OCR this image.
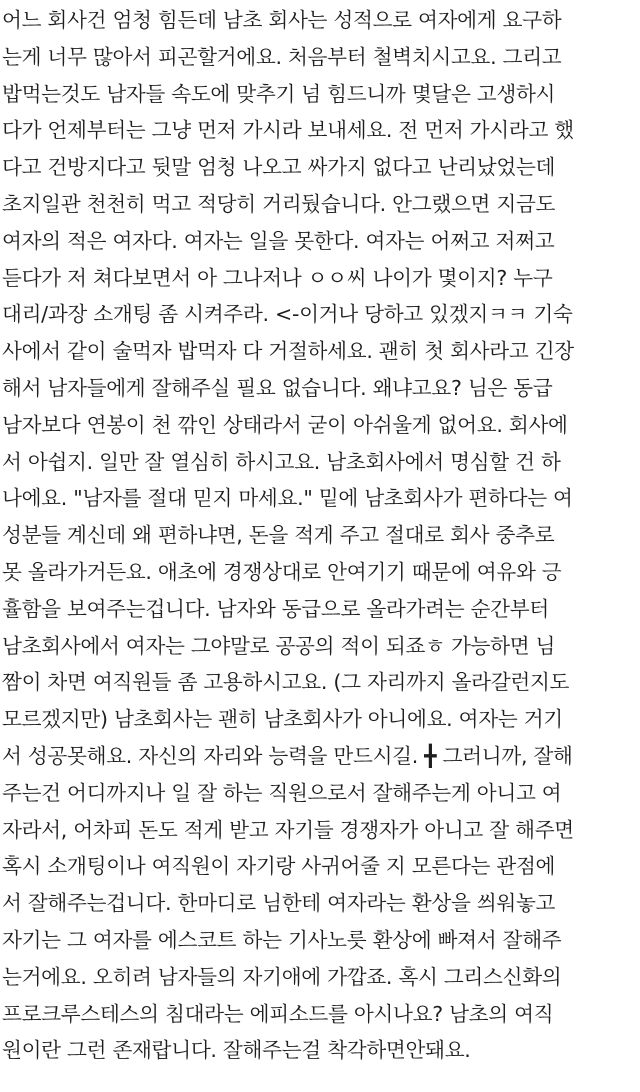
어느 회사건 엄청 힘든데 남초 회사는 성적으로 여자에게 요구하
는게 너무 많아서 피곤할거에요. 처음부터 철벽치시고요. 그리고
밥먹는것도 남자들 속도에 맞추기 넘 힘드니까 몇달은 고생하시
다가 언제부터는 그냥 먼저 가시라 보내세요. 전 먼저 가시라고 했
다고 건방지다고 뒷말 엄청 나오고 싸가지 없다고 난리났었는데
초지일관 천천히 먹고 적당히 거리뒀습니다. 안그랬으면 지금도
여자의 적은 여자다. 여자는 일을 못한다. 여자는 어쩌고 저쩌고
듣다가 저 쳐다보면서 아 그나저나 ㅇㅇ씨 나이가 몇이지? 누구
대리/과장 소개팅 좀 시켜주라. <-이거나 당하고 있겠지ㅋㅋ 기숙
사에서 같이 술먹자 밥먹자 다 거절하세요. 괜히 첫 회사라고 긴장
해서 남자들에게 잘해주실 필요 없습니다. 왜냐고요? 님은 동급
남자보다 연봉이 천 깎인 상태라서 굳이 아쉬울게 없어요. 회사에
서 아쉽지. 일만 잘 열심히 하시고요. 남초회사에서 명심할 건 하
나에요. "남자를 절대 믿지 마세요." 밑에 남초회사가 편하다는 여
성분들 계신데 왜 편하냐면, 돈을 적게 주고 절대로 회사 중추로
못 올라가거든요. 애초에 경쟁상대로 안여기기 때문에 여유와 긍
휼함을 보여주는겁니다. 남자와 동급으로 올라가려는 순간부터
남초회사에서 여자는 그야말로 공공의 적이 되죠ㅎ 가능하면 님
짬이 차면 여직원들 좀 고용하시고요. (그 자리까지 올라갈런지도
모르겠지만) 남초회사는 괜히 남초회사가 아니에요. 여자는 거기
서 성공못해요. 자신의 자리와 능력을 만드시길. ╋ 그러니까, 잘해
주는건 어디까지나 일 잘 하는 직원으로서 잘해주는게 아니고 여
자라서, 어차피 돈도 적게 받고 자기들 경쟁자가 아니고 잘 해주면
혹시 소개팅이나 여직원이 자기랑 사귀어줄 지 모른다는 관점에
서 잘해주는겁니다. 한마디로 님한테 여자라는 환상을 씌워놓고
자기는 그 여자를 에스코트 하는 기사노릇 환상에 빠져서 잘해주
는거에요. 오히려 남자들의 자기애에 가깝죠. 혹시 그리스신화의
프로크루스테스의 침대라는 에피소드를 아시나요? 남초의 여직
원이란 그런 존재랍니다. 잘해주는걸 착각하면안돼요.
